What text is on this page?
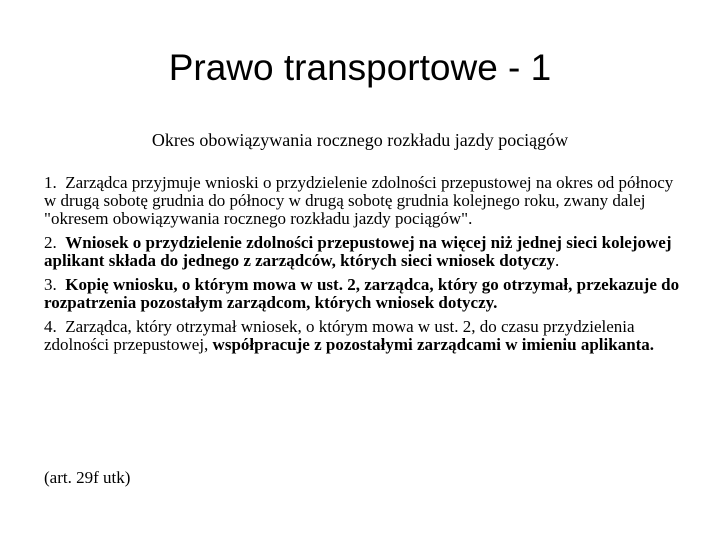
Prawo transportowe - 1
Okres obowiązywania rocznego rozkładu jazdy pociągów
1. Zarządca przyjmuje wnioski o przydzielenie zdolności przepustowej na okres od północy w drugą sobotę grudnia do północy w drugą sobotę grudnia kolejnego roku, zwany dalej "okresem obowiązywania rocznego rozkładu jazdy pociągów".
2. Wniosek o przydzielenie zdolności przepustowej na więcej niż jednej sieci kolejowej aplikant składa do jednego z zarządców, których sieci wniosek dotyczy.
3. Kopię wniosku, o którym mowa w ust. 2, zarządca, który go otrzymał, przekazuje do rozpatrzenia pozostałym zarządcom, których wniosek dotyczy.
4. Zarządca, który otrzymał wniosek, o którym mowa w ust. 2, do czasu przydzielenia zdolności przepustowej, współpracuje z pozostałymi zarządcami w imieniu aplikanta.
(art. 29f utk)
